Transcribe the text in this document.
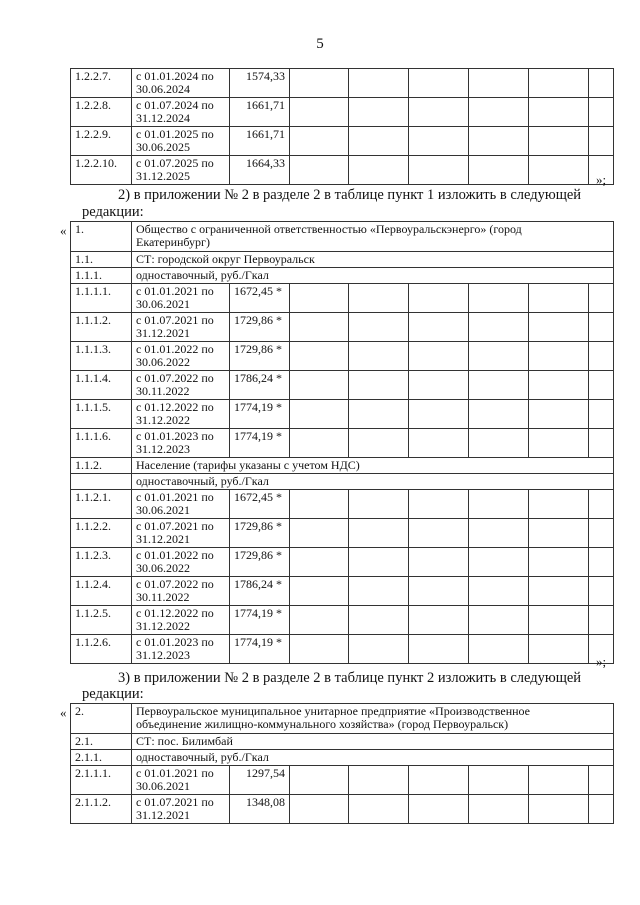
5
1.2.2.7.	с 01.01.2024 по
30.06.2024	1574,33						
1.2.2.8.	с 01.07.2024 по
31.12.2024	1661,71						
1.2.2.9.	с 01.01.2025 по
30.06.2025	1661,71						
1.2.2.10.	с 01.07.2025 по
31.12.2025	1664,33						
»;
2) в приложении № 2 в разделе 2 в таблице пункт 1 изложить в следующей
редакции:
« 1.	Общество с ограниченной ответственностью «Первоуральскэнерго» (город
Екатеринбург)							
1.1.	СТ: городской округ Первоуральск							
1.1.1.	одноставочный, руб./Гкал							
1.1.1.1.	с 01.01.2021 по
30.06.2021	1672,45 *						
1.1.1.2.	с 01.07.2021 по
31.12.2021	1729,86 *						
1.1.1.3.	с 01.01.2022 по
30.06.2022	1729,86 *						
1.1.1.4.	с 01.07.2022 по
30.11.2022	1786,24 *						
1.1.1.5.	с 01.12.2022 по
31.12.2022	1774,19 *						
1.1.1.6.	с 01.01.2023 по
31.12.2023	1774,19 *						
1.1.2.	Население (тарифы указаны с учетом НДС)							
	одноставочный, руб./Гкал							
1.1.2.1.	с 01.01.2021 по
30.06.2021	1672,45 *						
1.1.2.2.	с 01.07.2021 по
31.12.2021	1729,86 *						
1.1.2.3.	с 01.01.2022 по
30.06.2022	1729,86 *						
1.1.2.4.	с 01.07.2022 по
30.11.2022	1786,24 *						
1.1.2.5.	с 01.12.2022 по
31.12.2022	1774,19 *						
1.1.2.6.	с 01.01.2023 по
31.12.2023	1774,19 *						
»;
3) в приложении № 2 в разделе 2 в таблице пункт 2 изложить в следующей
редакции:
« 2.	Первоуральское муниципальное унитарное предприятие «Производственное
объединение жилищно-коммунального хозяйства» (город Первоуральск)							
2.1.	СТ: пос. Билимбай							
2.1.1.	одноставочный, руб./Гкал							
2.1.1.1.	с 01.01.2021 по
30.06.2021	1297,54						
2.1.1.2.	с 01.07.2021 по
31.12.2021	1348,08						
